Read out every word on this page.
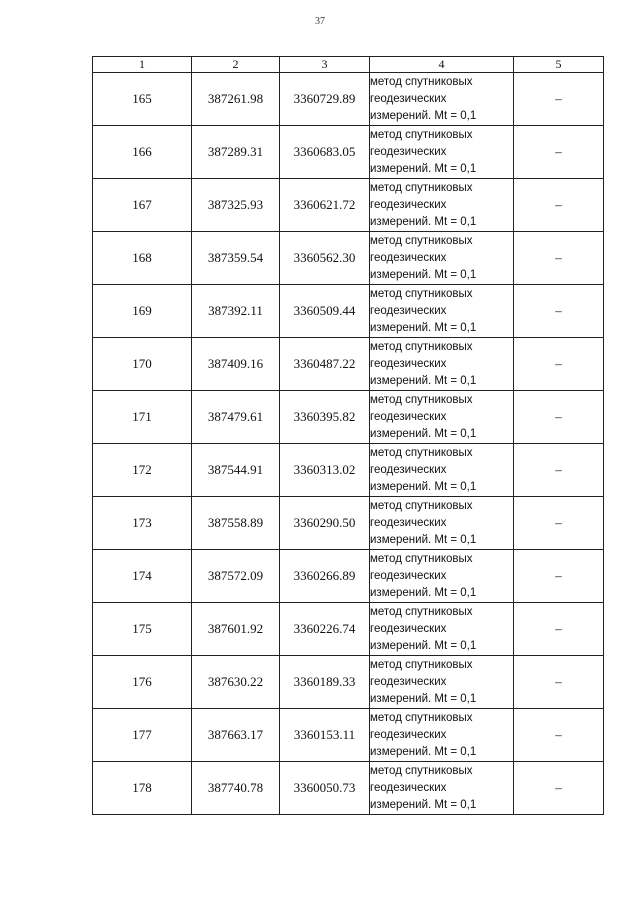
37
1	2	3	4	5
165	387261.98	3360729.89	метод спутниковых
геодезических
измерений. Mt = 0,1	–
166	387289.31	3360683.05	метод спутниковых
геодезических
измерений. Mt = 0,1	–
167	387325.93	3360621.72	метод спутниковых
геодезических
измерений. Mt = 0,1	–
168	387359.54	3360562.30	метод спутниковых
геодезических
измерений. Mt = 0,1	–
169	387392.11	3360509.44	метод спутниковых
геодезических
измерений. Mt = 0,1	–
170	387409.16	3360487.22	метод спутниковых
геодезических
измерений. Mt = 0,1	–
171	387479.61	3360395.82	метод спутниковых
геодезических
измерений. Mt = 0,1	–
172	387544.91	3360313.02	метод спутниковых
геодезических
измерений. Mt = 0,1	–
173	387558.89	3360290.50	метод спутниковых
геодезических
измерений. Mt = 0,1	–
174	387572.09	3360266.89	метод спутниковых
геодезических
измерений. Mt = 0,1	–
175	387601.92	3360226.74	метод спутниковых
геодезических
измерений. Mt = 0,1	–
176	387630.22	3360189.33	метод спутниковых
геодезических
измерений. Mt = 0,1	–
177	387663.17	3360153.11	метод спутниковых
геодезических
измерений. Mt = 0,1	–
178	387740.78	3360050.73	метод спутниковых
геодезических
измерений. Mt = 0,1	–
